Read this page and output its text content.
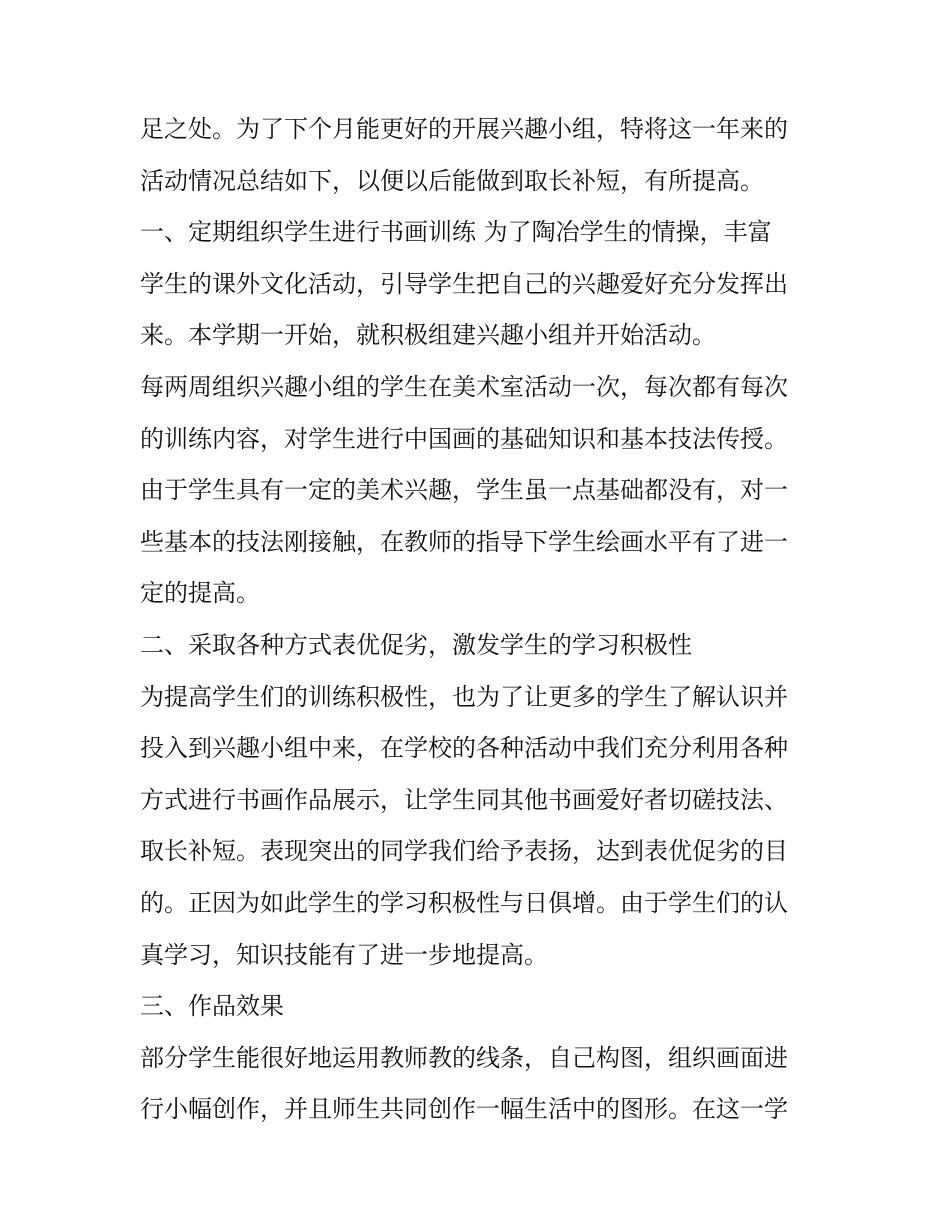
足之处。为了下个月能更好的开展兴趣小组，特将这一年来的

活动情况总结如下，以便以后能做到取长补短，有所提高。

一、定期组织学生进行书画训练 为了陶冶学生的情操，丰富

学生的课外文化活动，引导学生把自己的兴趣爱好充分发挥出

来。本学期一开始，就积极组建兴趣小组并开始活动。

每两周组织兴趣小组的学生在美术室活动一次，每次都有每次

的训练内容，对学生进行中国画的基础知识和基本技法传授。

由于学生具有一定的美术兴趣，学生虽一点基础都没有，对一

些基本的技法刚接触，在教师的指导下学生绘画水平有了进一

定的提高。

二、采取各种方式表优促劣，激发学生的学习积极性

为提高学生们的训练积极性，也为了让更多的学生了解认识并

投入到兴趣小组中来，在学校的各种活动中我们充分利用各种

方式进行书画作品展示，让学生同其他书画爱好者切磋技法、

取长补短。表现突出的同学我们给予表扬，达到表优促劣的目

的。正因为如此学生的学习积极性与日俱增。由于学生们的认

真学习，知识技能有了进一步地提高。

三、作品效果

部分学生能很好地运用教师教的线条，自己构图，组织画面进

行小幅创作，并且师生共同创作一幅生活中的图形。在这一学
